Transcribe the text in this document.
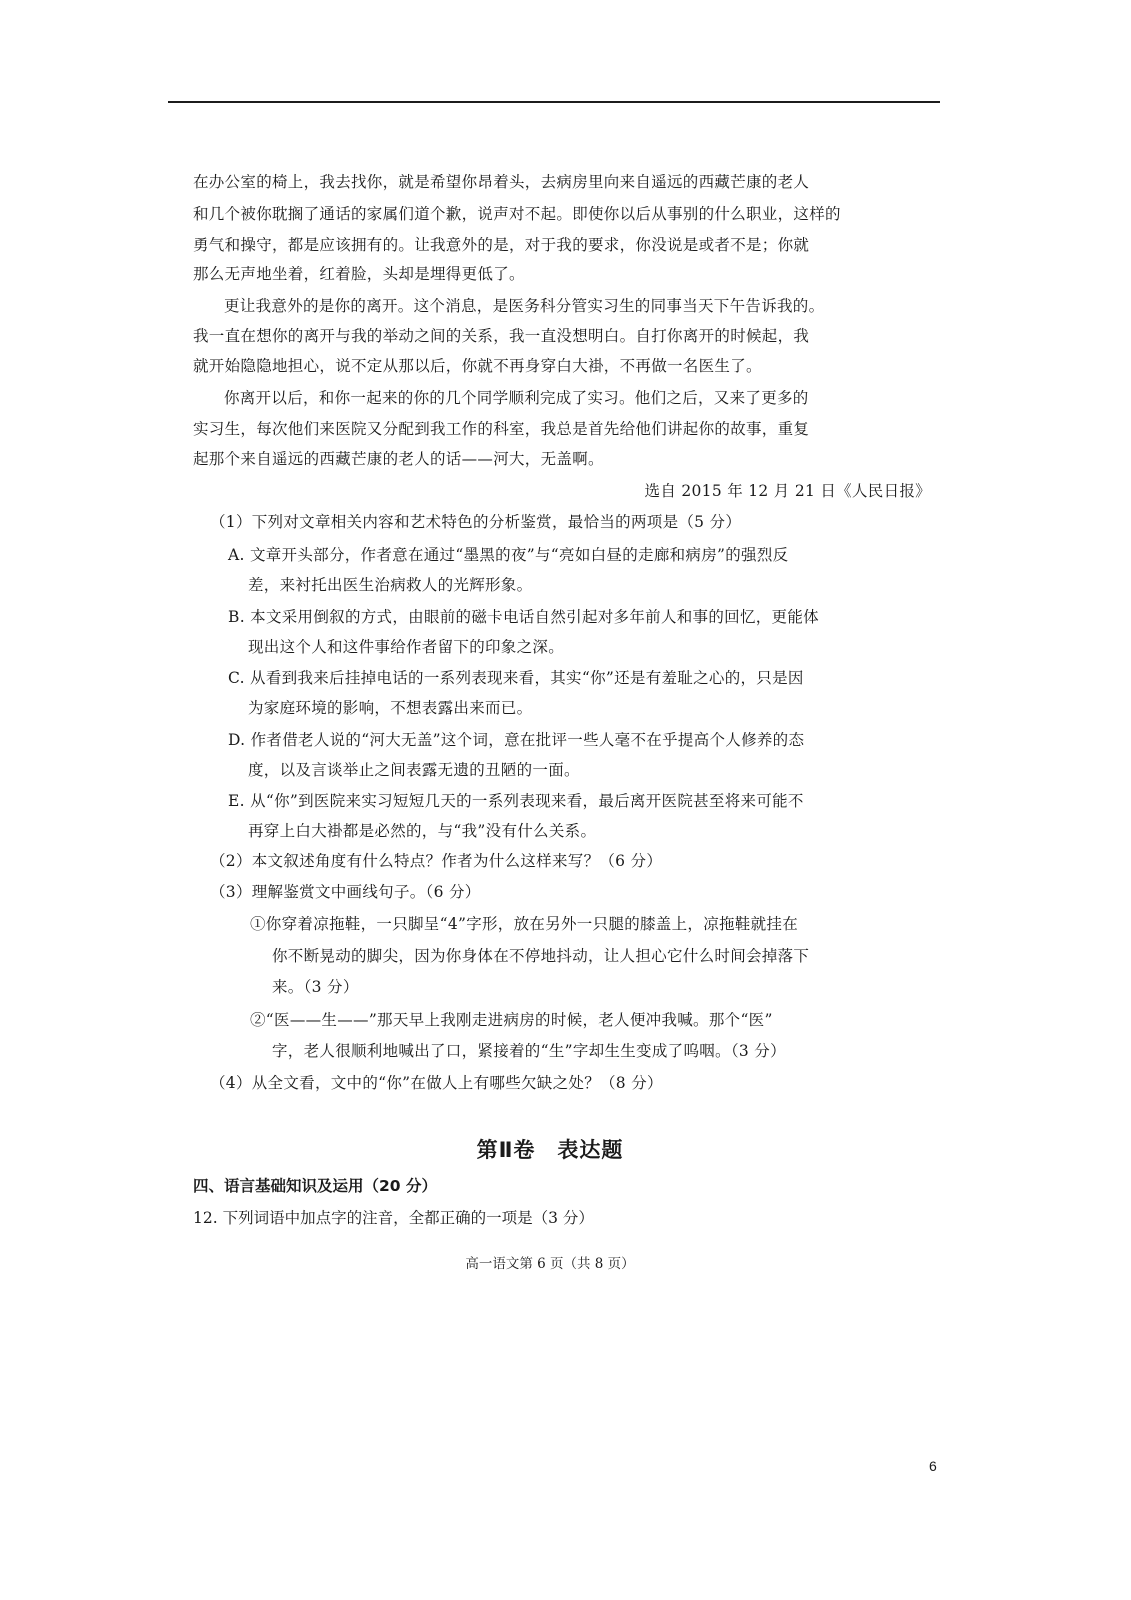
在办公室的椅上，我去找你，就是希望你昂着头，去病房里向来自遥远的西藏芒康的老人
和几个被你耽搁了通话的家属们道个歉，说声对不起。即使你以后从事别的什么职业，这样的
勇气和操守，都是应该拥有的。让我意外的是，对于我的要求，你没说是或者不是；你就
那么无声地坐着，红着脸，头却是埋得更低了。
更让我意外的是你的离开。这个消息，是医务科分管实习生的同事当天下午告诉我的。
我一直在想你的离开与我的举动之间的关系，我一直没想明白。自打你离开的时候起，我
就开始隐隐地担心，说不定从那以后，你就不再身穿白大褂，不再做一名医生了。
你离开以后，和你一起来的你的几个同学顺利完成了实习。他们之后，又来了更多的
实习生，每次他们来医院又分配到我工作的科室，我总是首先给他们讲起你的故事，重复
起那个来自遥远的西藏芒康的老人的话——河大，无盖啊。
选自 2015 年 12 月 21 日《人民日报》
（1）下列对文章相关内容和艺术特色的分析鉴赏，最恰当的两项是（5 分）
A. 文章开头部分，作者意在通过“墨黑的夜”与“亮如白昼的走廊和病房”的强烈反
差，来衬托出医生治病救人的光辉形象。
B. 本文采用倒叙的方式，由眼前的磁卡电话自然引起对多年前人和事的回忆，更能体
现出这个人和这件事给作者留下的印象之深。
C. 从看到我来后挂掉电话的一系列表现来看，其实“你”还是有羞耻之心的，只是因
为家庭环境的影响，不想表露出来而已。
D. 作者借老人说的“河大无盖”这个词，意在批评一些人毫不在乎提高个人修养的态
度，以及言谈举止之间表露无遗的丑陋的一面。
E. 从“你”到医院来实习短短几天的一系列表现来看，最后离开医院甚至将来可能不
再穿上白大褂都是必然的，与“我”没有什么关系。
（2）本文叙述角度有什么特点？作者为什么这样来写？（6 分）
（3）理解鉴赏文中画线句子。（6 分）
①你穿着凉拖鞋，一只脚呈“4”字形，放在另外一只腿的膝盖上，凉拖鞋就挂在
你不断晃动的脚尖，因为你身体在不停地抖动，让人担心它什么时间会掉落下
来。（3 分）
②“医——生——”那天早上我刚走进病房的时候，老人便冲我喊。那个“医”
字，老人很顺利地喊出了口，紧接着的“生”字却生生变成了呜咽。（3 分）
（4）从全文看，文中的“你”在做人上有哪些欠缺之处？（8 分）
第Ⅱ卷　表达题
四、语言基础知识及运用（20 分）
12. 下列词语中加点字的注音，全都正确的一项是（3 分）
高一语文第 6 页（共 8 页）
6
